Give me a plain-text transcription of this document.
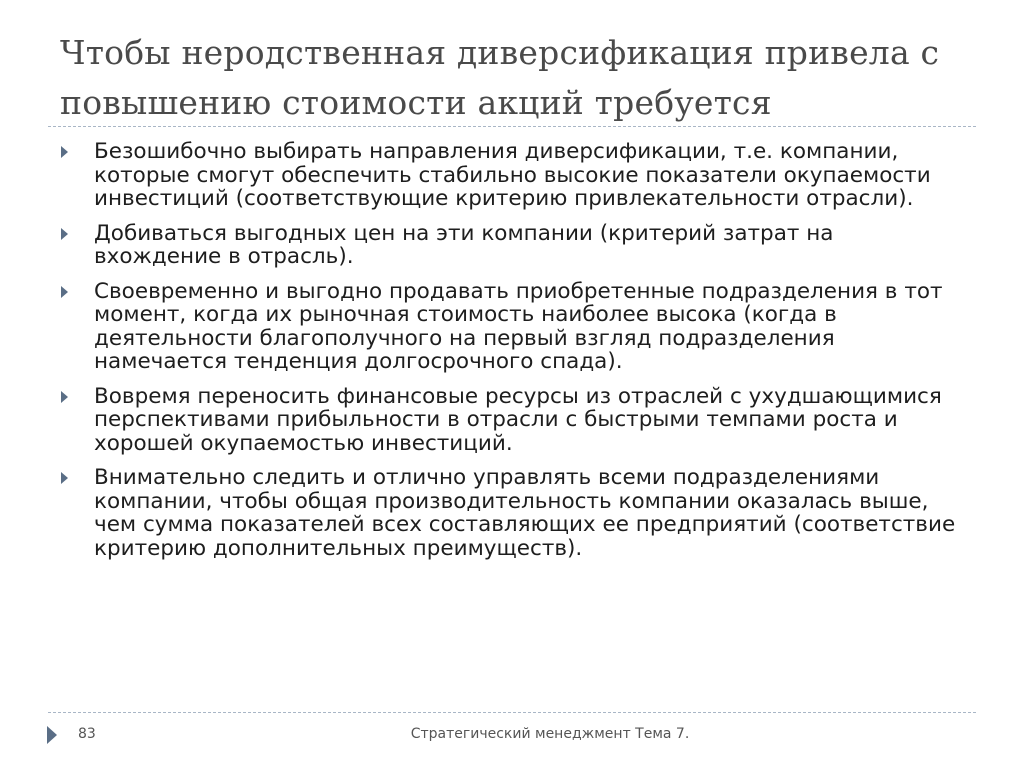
Чтобы неродственная диверсификация привела с повышению стоимости акций требуется
Безошибочно выбирать направления диверсификации, т.е. компании, которые смогут обеспечить стабильно высокие показатели окупаемости инвестиций (соответствующие критерию привлекательности отрасли).
Добиваться выгодных цен на эти компании (критерий затрат на вхождение в отрасль).
Своевременно и выгодно продавать приобретенные подразделения в тот момент, когда их рыночная стоимость наиболее высока (когда в деятельности благополучного на первый взгляд подразделения намечается тенденция долгосрочного спада).
Вовремя переносить финансовые ресурсы из отраслей с ухудшающимися перспективами прибыльности в отрасли с быстрыми темпами роста и хорошей окупаемостью инвестиций.
Внимательно следить и отлично управлять всеми подразделениями компании, чтобы общая производительность компании оказалась выше, чем сумма показателей всех составляющих ее предприятий (соответствие критерию дополнительных преимуществ).
83	Стратегический менеджмент Тема 7.
